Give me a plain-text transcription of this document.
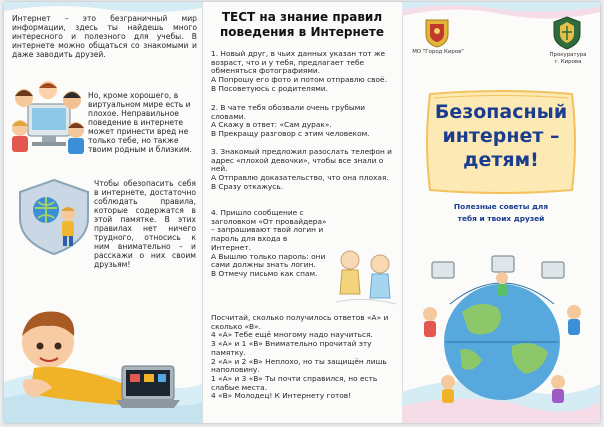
Интернет – это безграничный мир информации, здесь ты найдешь много интересного и полезного для учебы. В интернете можно общаться со знакомыми и даже заводить друзей.
Но, кроме хорошего, в виртуальном мире есть и плохое. Неправильное поведение в интернете может принести вред не только тебе, но также твоим родным и близким.
Чтобы обезопасить себя в интернете, достаточно соблюдать правила, которые содержатся в этой памятке. В этих правилах нет ничего трудного, относись к ним внимательно – и расскажи о них своим друзьям!
ТЕСТ на знание правил поведения в Интернете
1. Новый друг, в чьих данных указан тот же возраст, что и у тебя, предлагает тебе обменяться фотографиями.
А Попрошу его фото и потом отправлю своё.
В Посоветуюсь с родителями.
2. В чате тебя обозвали очень грубыми словами.
А Скажу в ответ: «Сам дурак».
В Прекращу разговор с этим человеком.
3. Знакомый предложил разослать телефон и адрес «плохой девочки», чтобы все знали о ней.
А Отправлю доказательство, что она плохая.
В Сразу откажусь.
4. Пришло сообщение с заголовком «От провайдера» – запрашивают твой логин и пароль для входа в Интернет.
А Вышлю только пароль: они сами должны знать логин.
В Отмечу письмо как спам.
Посчитай, сколько получилось ответов «А» и сколько «В».
4 «А» Тебе ещё многому надо научиться.
3 «А» и 1 «В» Внимательно прочитай эту памятку.
2 «А» и 2 «В» Неплохо, но ты защищён лишь наполовину.
1 «А» и 3 «В» Ты почти справился, но есть слабые места.
4 «В» Молодец! К Интернету готов!
МО "Город Киров"	Прокуратура
г. Кирова
Безопасный интернет – детям!
Полезные советы для тебя и твоих друзей
